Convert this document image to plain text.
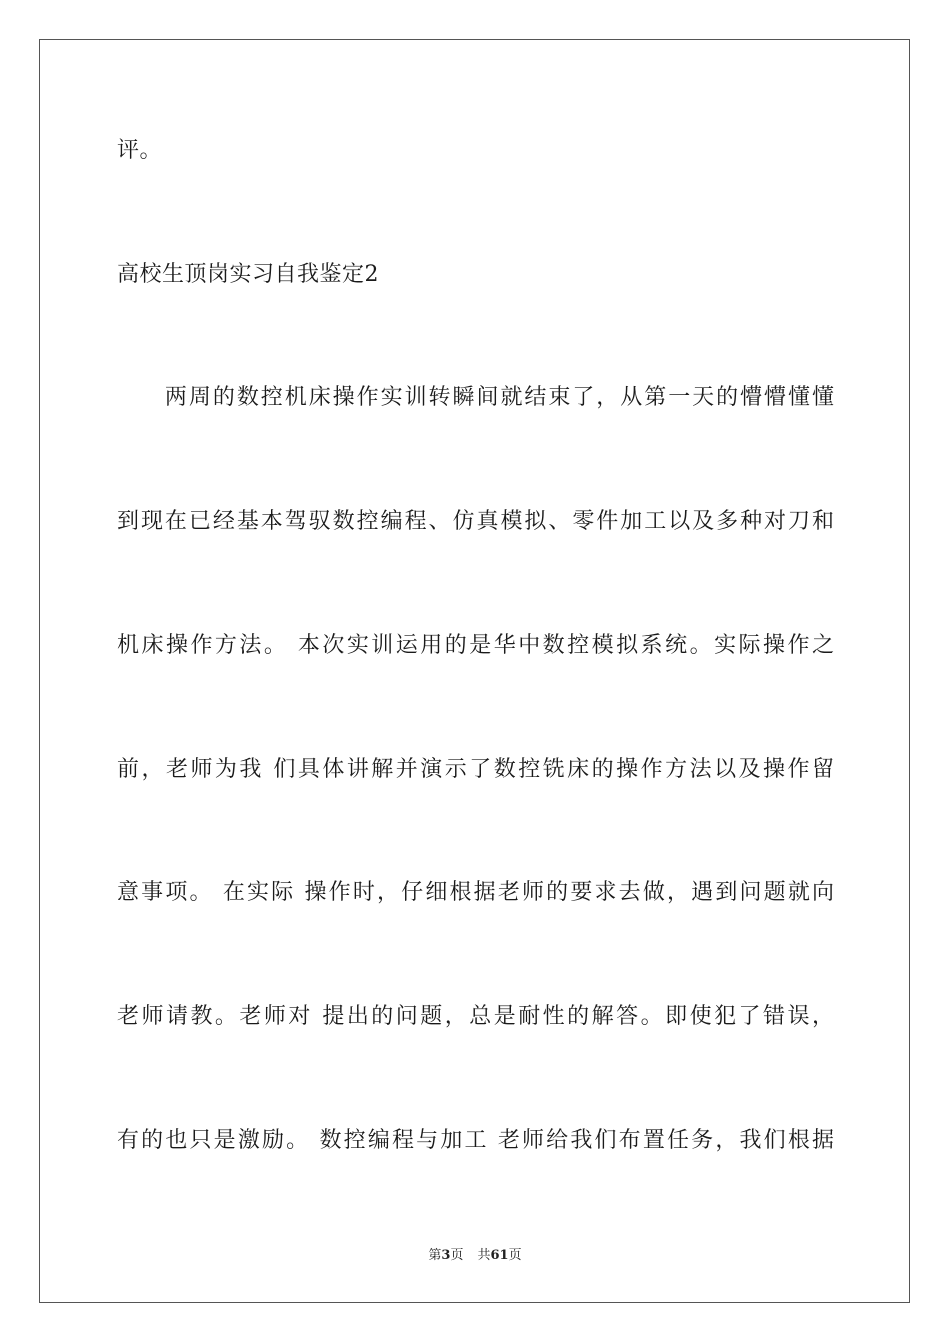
评。
高校生顶岗实习自我鉴定2
　　两周的数控机床操作实训转瞬间就结束了，从第一天的懵懵懂懂
到现在已经基本驾驭数控编程、仿真模拟、零件加工以及多种对刀和
机床操作方法。 本次实训运用的是华中数控模拟系统。实际操作之
前，老师为我 们具体讲解并演示了数控铣床的操作方法以及操作留
意事项。 在实际 操作时，仔细根据老师的要求去做，遇到问题就向
老师请教。老师对 提出的问题，总是耐性的解答。即使犯了错误，
有的也只是激励。 数控编程与加工 老师给我们布置任务，我们根据
第3页 共61页
